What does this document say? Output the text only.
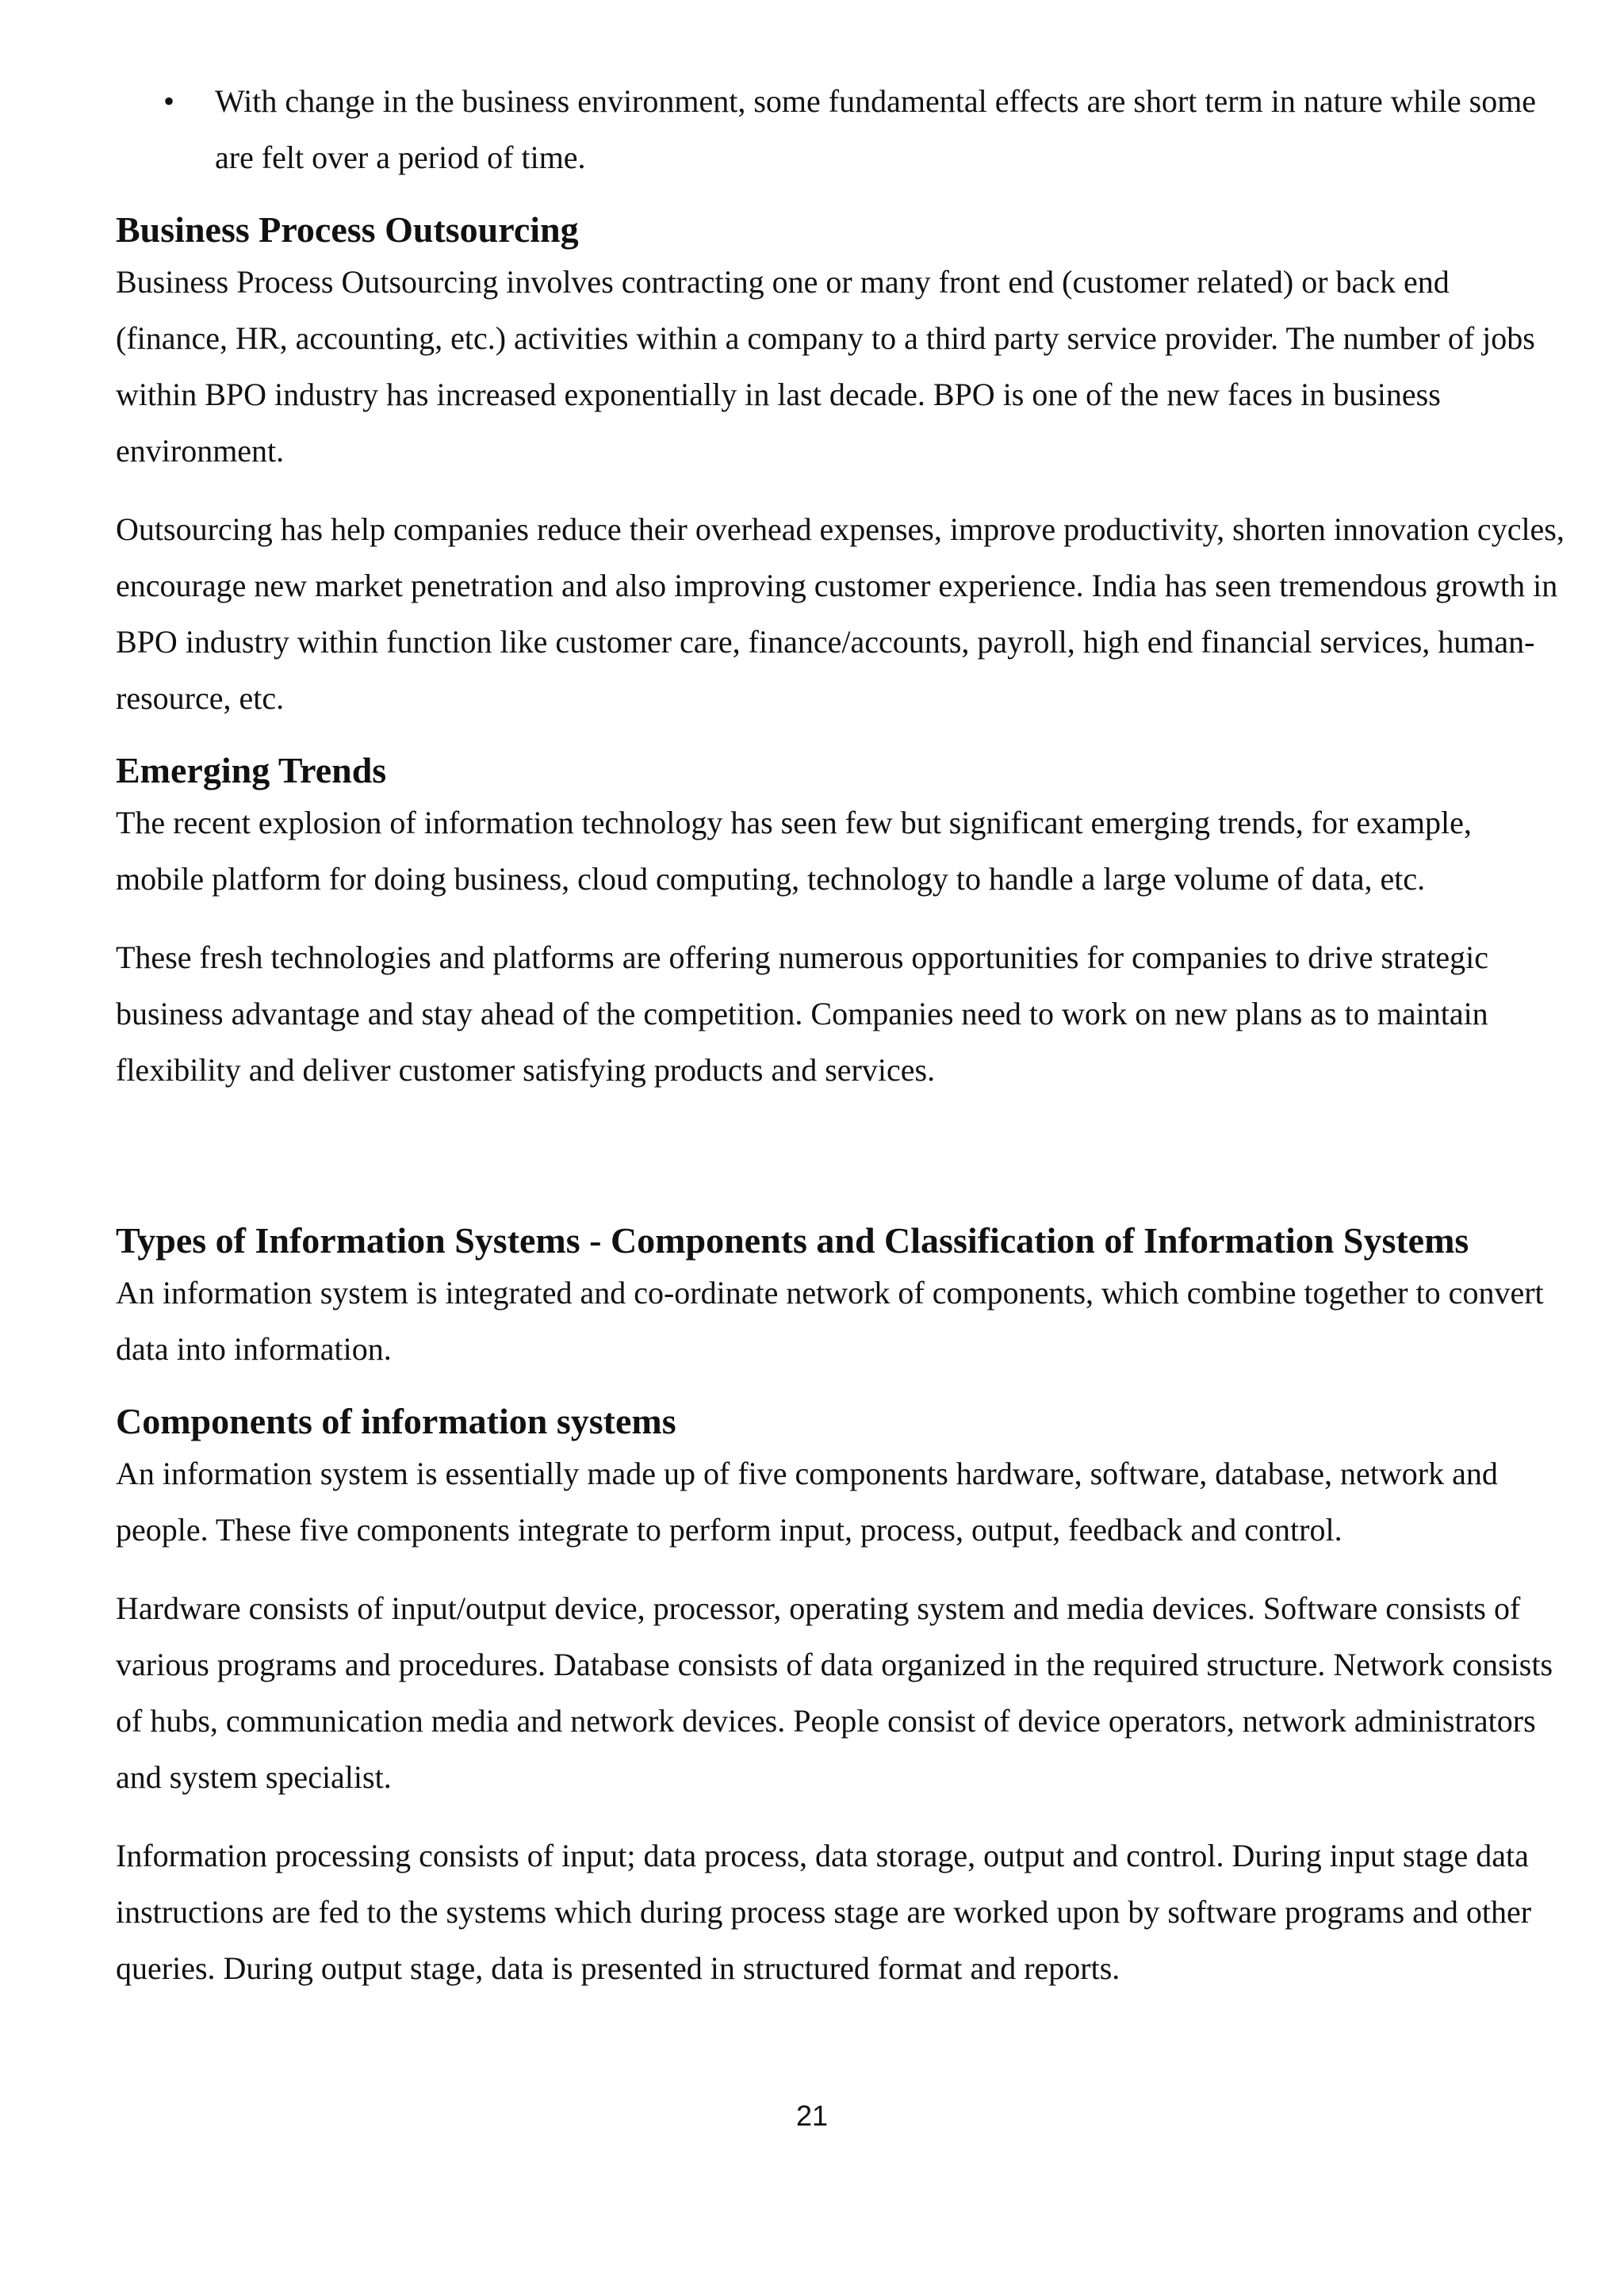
• With change in the business environment, some fundamental effects are short term in nature while some are felt over a period of time.

Business Process Outsourcing

Business Process Outsourcing involves contracting one or many front end (customer related) or back end (finance, HR, accounting, etc.) activities within a company to a third party service provider. The number of jobs within BPO industry has increased exponentially in last decade. BPO is one of the new faces in business environment.

Outsourcing has help companies reduce their overhead expenses, improve productivity, shorten innovation cycles, encourage new market penetration and also improving customer experience. India has seen tremendous growth in BPO industry within function like customer care, finance/accounts, payroll, high end financial services, human-resource, etc.

Emerging Trends

The recent explosion of information technology has seen few but significant emerging trends, for example, mobile platform for doing business, cloud computing, technology to handle a large volume of data, etc.

These fresh technologies and platforms are offering numerous opportunities for companies to drive strategic business advantage and stay ahead of the competition. Companies need to work on new plans as to maintain flexibility and deliver customer satisfying products and services.

Types of Information Systems - Components and Classification of Information Systems

An information system is integrated and co-ordinate network of components, which combine together to convert data into information.

Components of information systems

An information system is essentially made up of five components hardware, software, database, network and people. These five components integrate to perform input, process, output, feedback and control.

Hardware consists of input/output device, processor, operating system and media devices. Software consists of various programs and procedures. Database consists of data organized in the required structure. Network consists of hubs, communication media and network devices. People consist of device operators, network administrators and system specialist.

Information processing consists of input; data process, data storage, output and control. During input stage data instructions are fed to the systems which during process stage are worked upon by software programs and other queries. During output stage, data is presented in structured format and reports.

21
